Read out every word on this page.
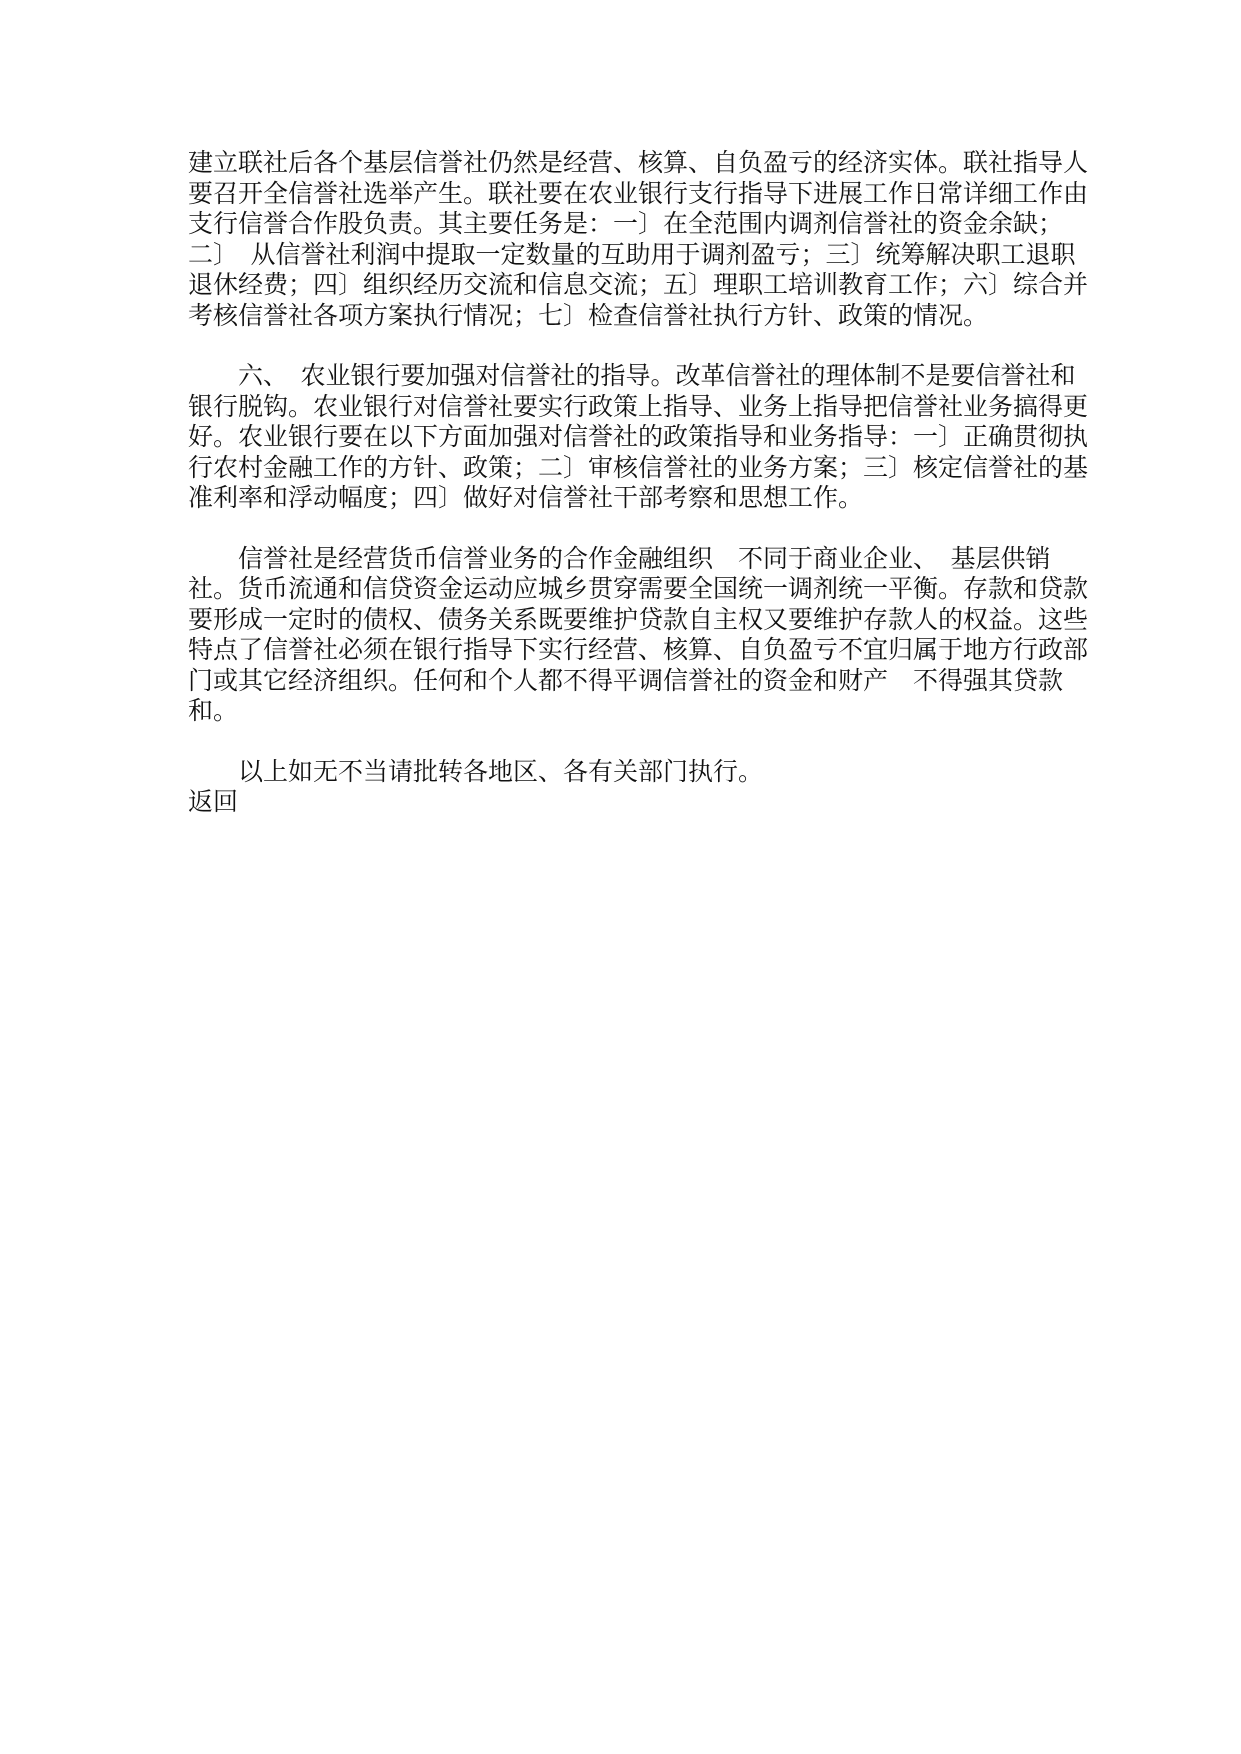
建立联社后各个基层信誉社仍然是经营、核算、自负盈亏的经济实体。联社指导人　要召开全信誉社选举产生。联社要在农业银行支行指导下进展工作日常详细工作由支行信誉合作股负责。其主要任务是：一〕在全范围内调剂信誉社的资金余缺；　二〕　从信誉社利润中提取一定数量的互助用于调剂盈亏；三〕统筹解决职工退职退休经费；四〕组织经历交流和信息交流；五〕理职工培训教育工作；六〕综合并考核信誉社各项方案执行情况；七〕检查信誉社执行方针、政策的情况。

　　六、　农业银行要加强对信誉社的指导。改革信誉社的理体制不是要信誉社和银行脱钩。农业银行对信誉社要实行政策上指导、业务上指导把信誉社业务搞得更好。农业银行要在以下方面加强对信誉社的政策指导和业务指导：一〕正确贯彻执行农村金融工作的方针、政策；二〕审核信誉社的业务方案；三〕核定信誉社的基准利率和浮动幅度；四〕做好对信誉社干部考察和思想工作。

　　信誉社是经营货币信誉业务的合作金融组织　不同于商业企业、　基层供销社。货币流通和信贷资金运动应城乡贯穿需要全国统一调剂统一平衡。存款和贷款要形成一定时的债权、债务关系既要维护贷款自主权又要维护存款人的权益。这些特点了信誉社必须在银行指导下实行经营、核算、自负盈亏不宜归属于地方行政部门或其它经济组织。任何和个人都不得平调信誉社的资金和财产　不得强其贷款和。

　　以上如无不当请批转各地区、各有关部门执行。

返回
